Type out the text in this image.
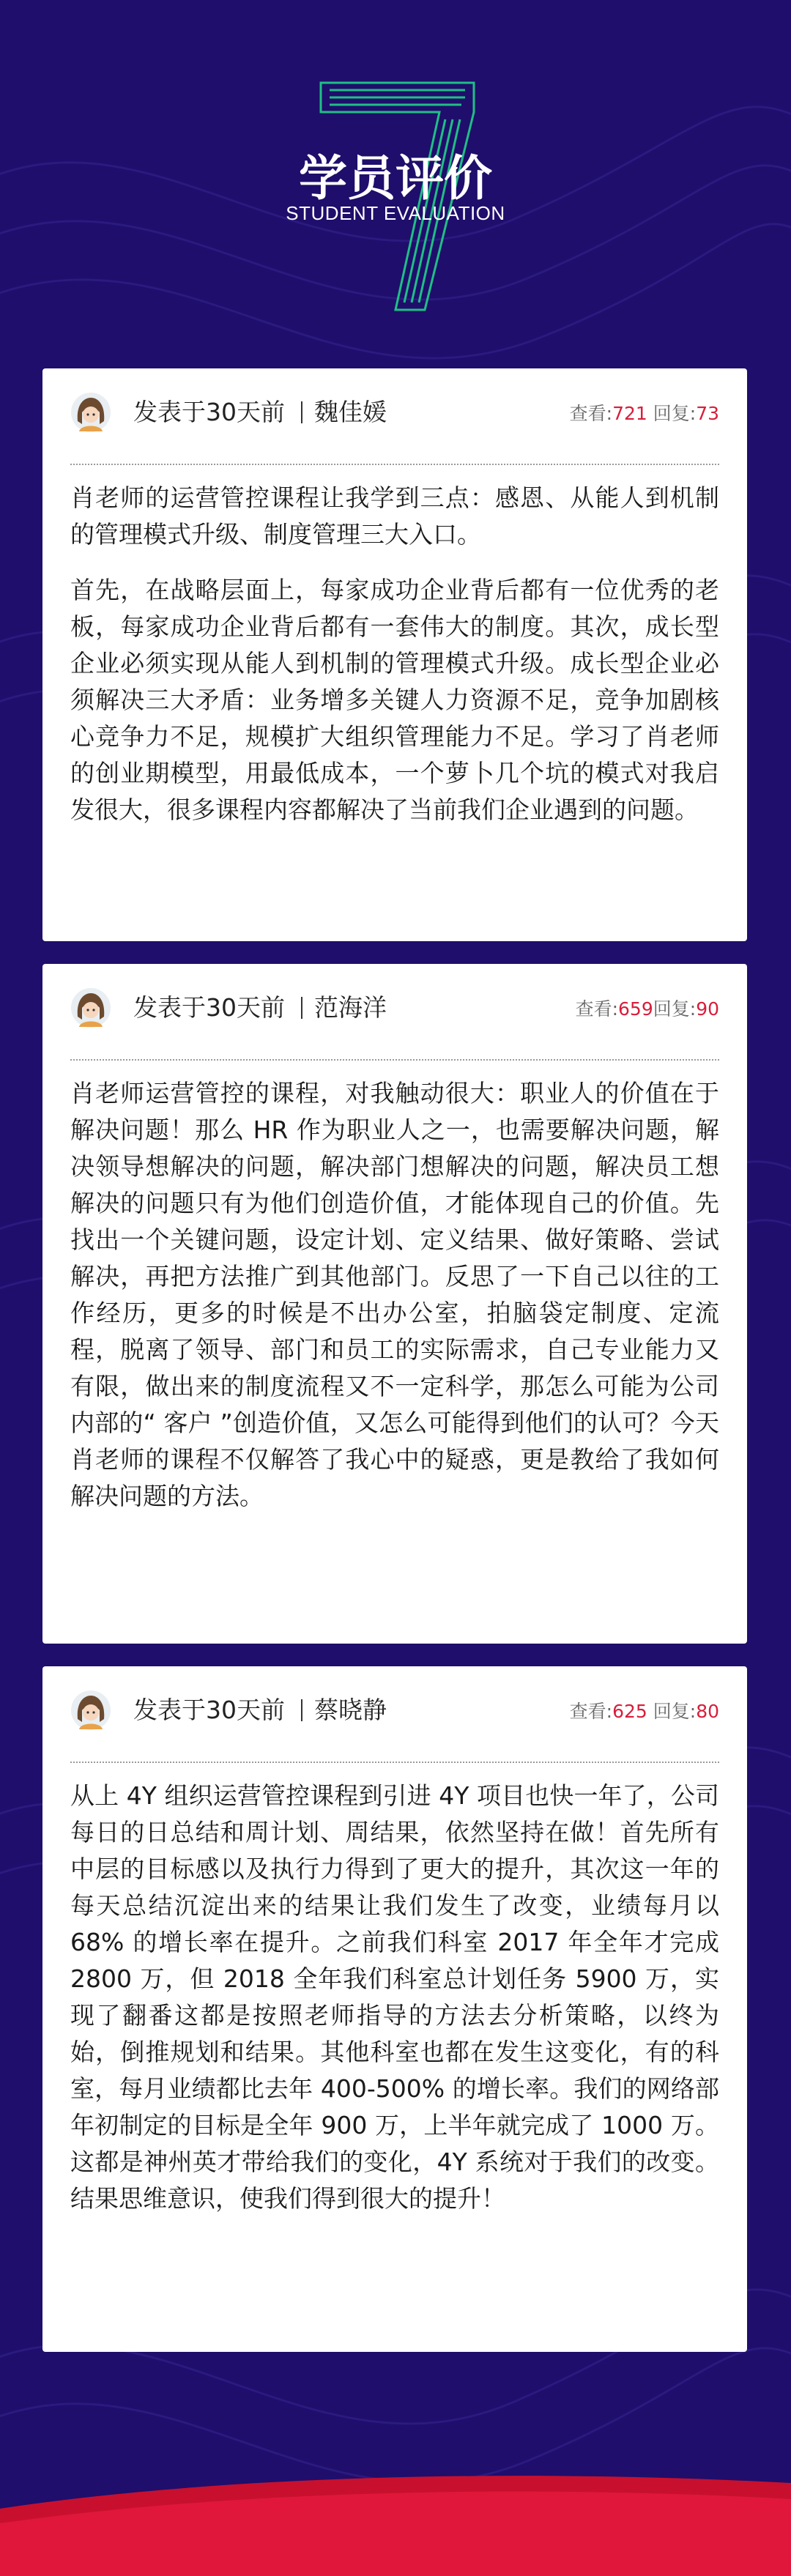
学员评价
STUDENT EVALUATION
发表于30天前 魏佳媛	查看:721 回复:73

肖老师的运营管控课程让我学到三点：感恩、从能人到机制的管理模式升级、制度管理三大入口。

首先，在战略层面上，每家成功企业背后都有一位优秀的老板，每家成功企业背后都有一套伟大的制度。其次，成长型企业必须实现从能人到机制的管理模式升级。成长型企业必须解决三大矛盾：业务增多关键人力资源不足，竞争加剧核心竞争力不足，规模扩大组织管理能力不足。学习了肖老师的创业期模型，用最低成本，一个萝卜几个坑的模式对我启发很大，很多课程内容都解决了当前我们企业遇到的问题。

发表于30天前 范海洋	查看:659回复:90

肖老师运营管控的课程，对我触动很大：职业人的价值在于解决问题！那么 HR 作为职业人之一，也需要解决问题，解决领导想解决的问题，解决部门想解决的问题，解决员工想解决的问题只有为他们创造价值，才能体现自己的价值。先找出一个关键问题，设定计划、定义结果、做好策略、尝试解决，再把方法推广到其他部门。反思了一下自己以往的工作经历，更多的时候是不出办公室，拍脑袋定制度、定流程，脱离了领导、部门和员工的实际需求，自己专业能力又有限，做出来的制度流程又不一定科学，那怎么可能为公司内部的“ 客户 ”创造价值，又怎么可能得到他们的认可？今天肖老师的课程不仅解答了我心中的疑惑，更是教给了我如何解决问题的方法。

发表于30天前 蔡晓静	查看:625 回复:80

从上 4Y 组织运营管控课程到引进 4Y 项目也快一年了，公司每日的日总结和周计划、周结果，依然坚持在做！首先所有中层的目标感以及执行力得到了更大的提升，其次这一年的每天总结沉淀出来的结果让我们发生了改变，业绩每月以 68% 的增长率在提升。之前我们科室 2017 年全年才完成 2800 万，但 2018 全年我们科室总计划任务 5900 万，实现了翻番这都是按照老师指导的方法去分析策略，以终为始，倒推规划和结果。其他科室也都在发生这变化，有的科室，每月业绩都比去年 400-500% 的增长率。我们的网络部年初制定的目标是全年 900 万，上半年就完成了 1000 万。这都是神州英才带给我们的变化，4Y 系统对于我们的改变。结果思维意识，使我们得到很大的提升！
